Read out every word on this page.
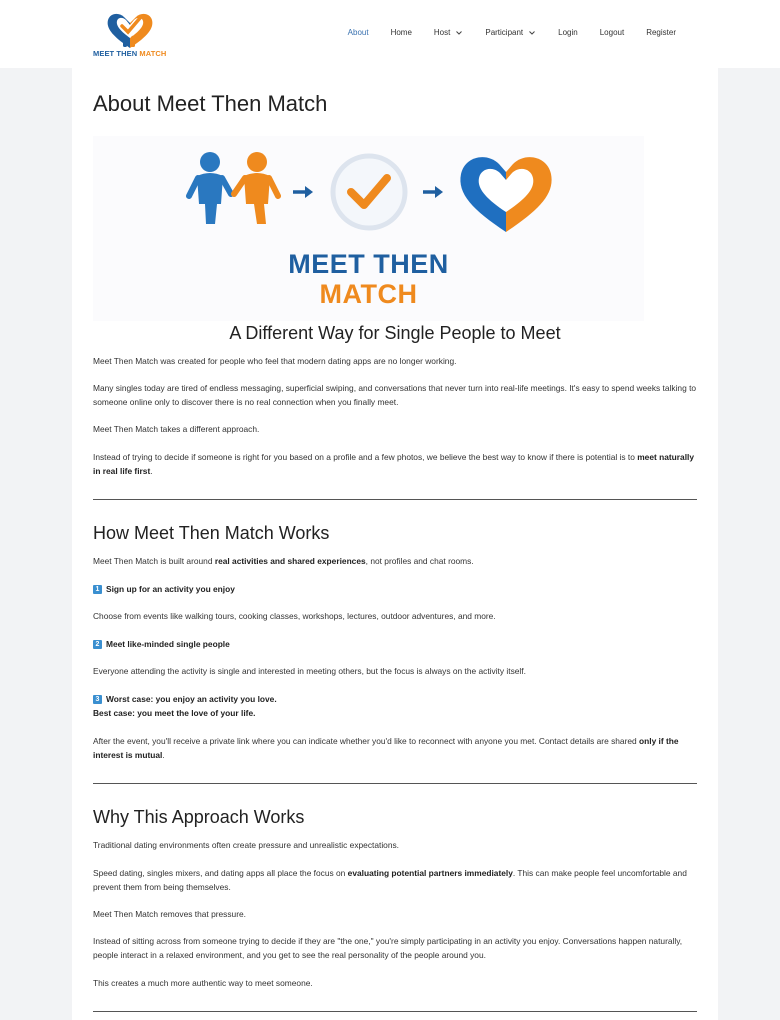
MEET THEN MATCH
About	Home	Host	Participant	Login	Logout	Register
About Meet Then Match
MEET THEN
MATCH
A Different Way for Single People to Meet

Meet Then Match was created for people who feel that modern dating apps are no longer working.

Many singles today are tired of endless messaging, superficial swiping, and conversations that never turn into real-life meetings. It's easy to spend weeks talking to someone online only to discover there is no real connection when you finally meet.

Meet Then Match takes a different approach.

Instead of trying to decide if someone is right for you based on a profile and a few photos, we believe the best way to know if there is potential is to meet naturally in real life first.

How Meet Then Match Works

Meet Then Match is built around real activities and shared experiences, not profiles and chat rooms.

1 Sign up for an activity you enjoy

Choose from events like walking tours, cooking classes, workshops, lectures, outdoor adventures, and more.

2 Meet like-minded single people

Everyone attending the activity is single and interested in meeting others, but the focus is always on the activity itself.

3 Worst case: you enjoy an activity you love.
Best case: you meet the love of your life.

After the event, you'll receive a private link where you can indicate whether you'd like to reconnect with anyone you met. Contact details are shared only if the interest is mutual.

Why This Approach Works

Traditional dating environments often create pressure and unrealistic expectations.

Speed dating, singles mixers, and dating apps all place the focus on evaluating potential partners immediately. This can make people feel uncomfortable and prevent them from being themselves.

Meet Then Match removes that pressure.

Instead of sitting across from someone trying to decide if they are "the one," you're simply participating in an activity you enjoy. Conversations happen naturally, people interact in a relaxed environment, and you get to see the real personality of the people around you.

This creates a much more authentic way to meet someone.
